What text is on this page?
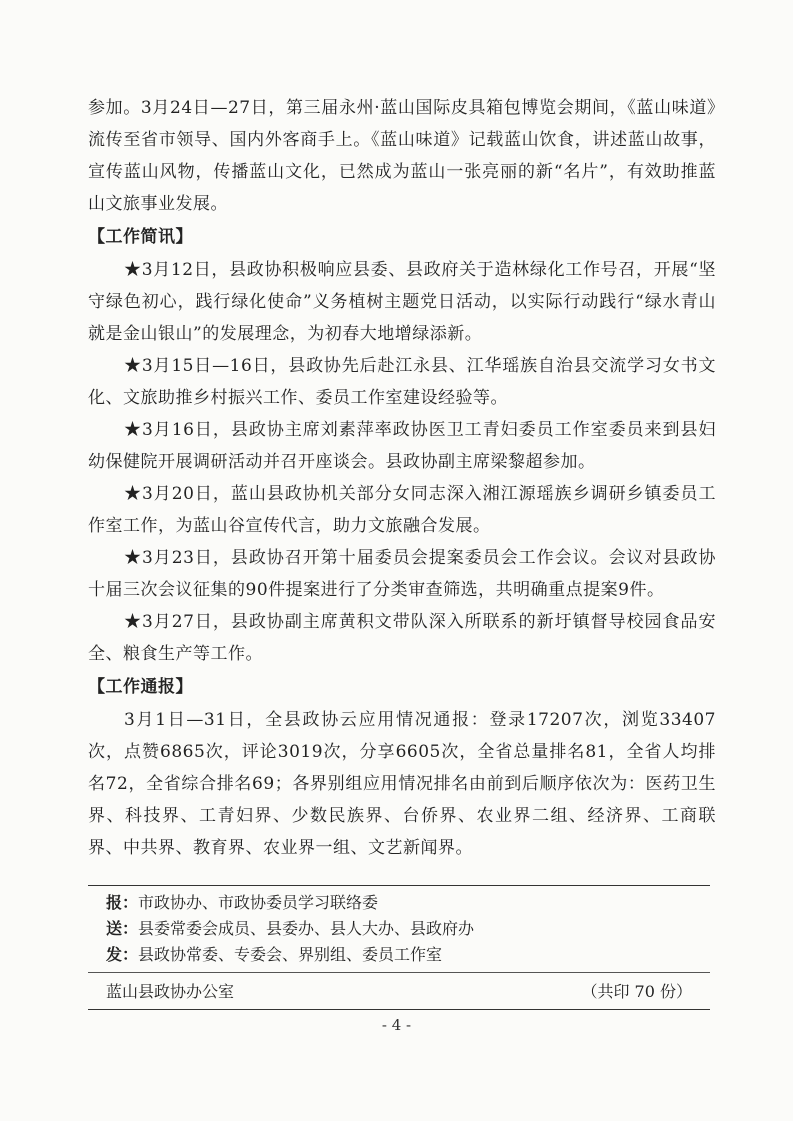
参加。3月24日—27日，第三届永州·蓝山国际皮具箱包博览会期间，《蓝山味道》流传至省市领导、国内外客商手上。《蓝山味道》记载蓝山饮食，讲述蓝山故事，宣传蓝山风物，传播蓝山文化，已然成为蓝山一张亮丽的新“名片”，有效助推蓝山文旅事业发展。

【工作简讯】

★3月12日，县政协积极响应县委、县政府关于造林绿化工作号召，开展“坚守绿色初心，践行绿化使命”义务植树主题党日活动，以实际行动践行“绿水青山就是金山银山”的发展理念，为初春大地增绿添新。

★3月15日—16日，县政协先后赴江永县、江华瑶族自治县交流学习女书文化、文旅助推乡村振兴工作、委员工作室建设经验等。

★3月16日，县政协主席刘素萍率政协医卫工青妇委员工作室委员来到县妇幼保健院开展调研活动并召开座谈会。县政协副主席梁黎超参加。

★3月20日，蓝山县政协机关部分女同志深入湘江源瑶族乡调研乡镇委员工作室工作，为蓝山谷宣传代言，助力文旅融合发展。

★3月23日，县政协召开第十届委员会提案委员会工作会议。会议对县政协十届三次会议征集的90件提案进行了分类审查筛选，共明确重点提案9件。

★3月27日，县政协副主席黄积文带队深入所联系的新圩镇督导校园食品安全、粮食生产等工作。

【工作通报】

3月1日—31日，全县政协云应用情况通报：登录17207次，浏览33407次，点赞6865次，评论3019次，分享6605次，全省总量排名81，全省人均排名72，全省综合排名69；各界别组应用情况排名由前到后顺序依次为：医药卫生界、科技界、工青妇界、少数民族界、台侨界、农业界二组、经济界、工商联界、中共界、教育界、农业界一组、文艺新闻界。

报： 市政协办、市政协委员学习联络委
送： 县委常委会成员、县委办、县人大办、县政府办
发： 县政协常委、专委会、界别组、委员工作室
蓝山县政协办公室	（共印 70 份）
- 4 -
